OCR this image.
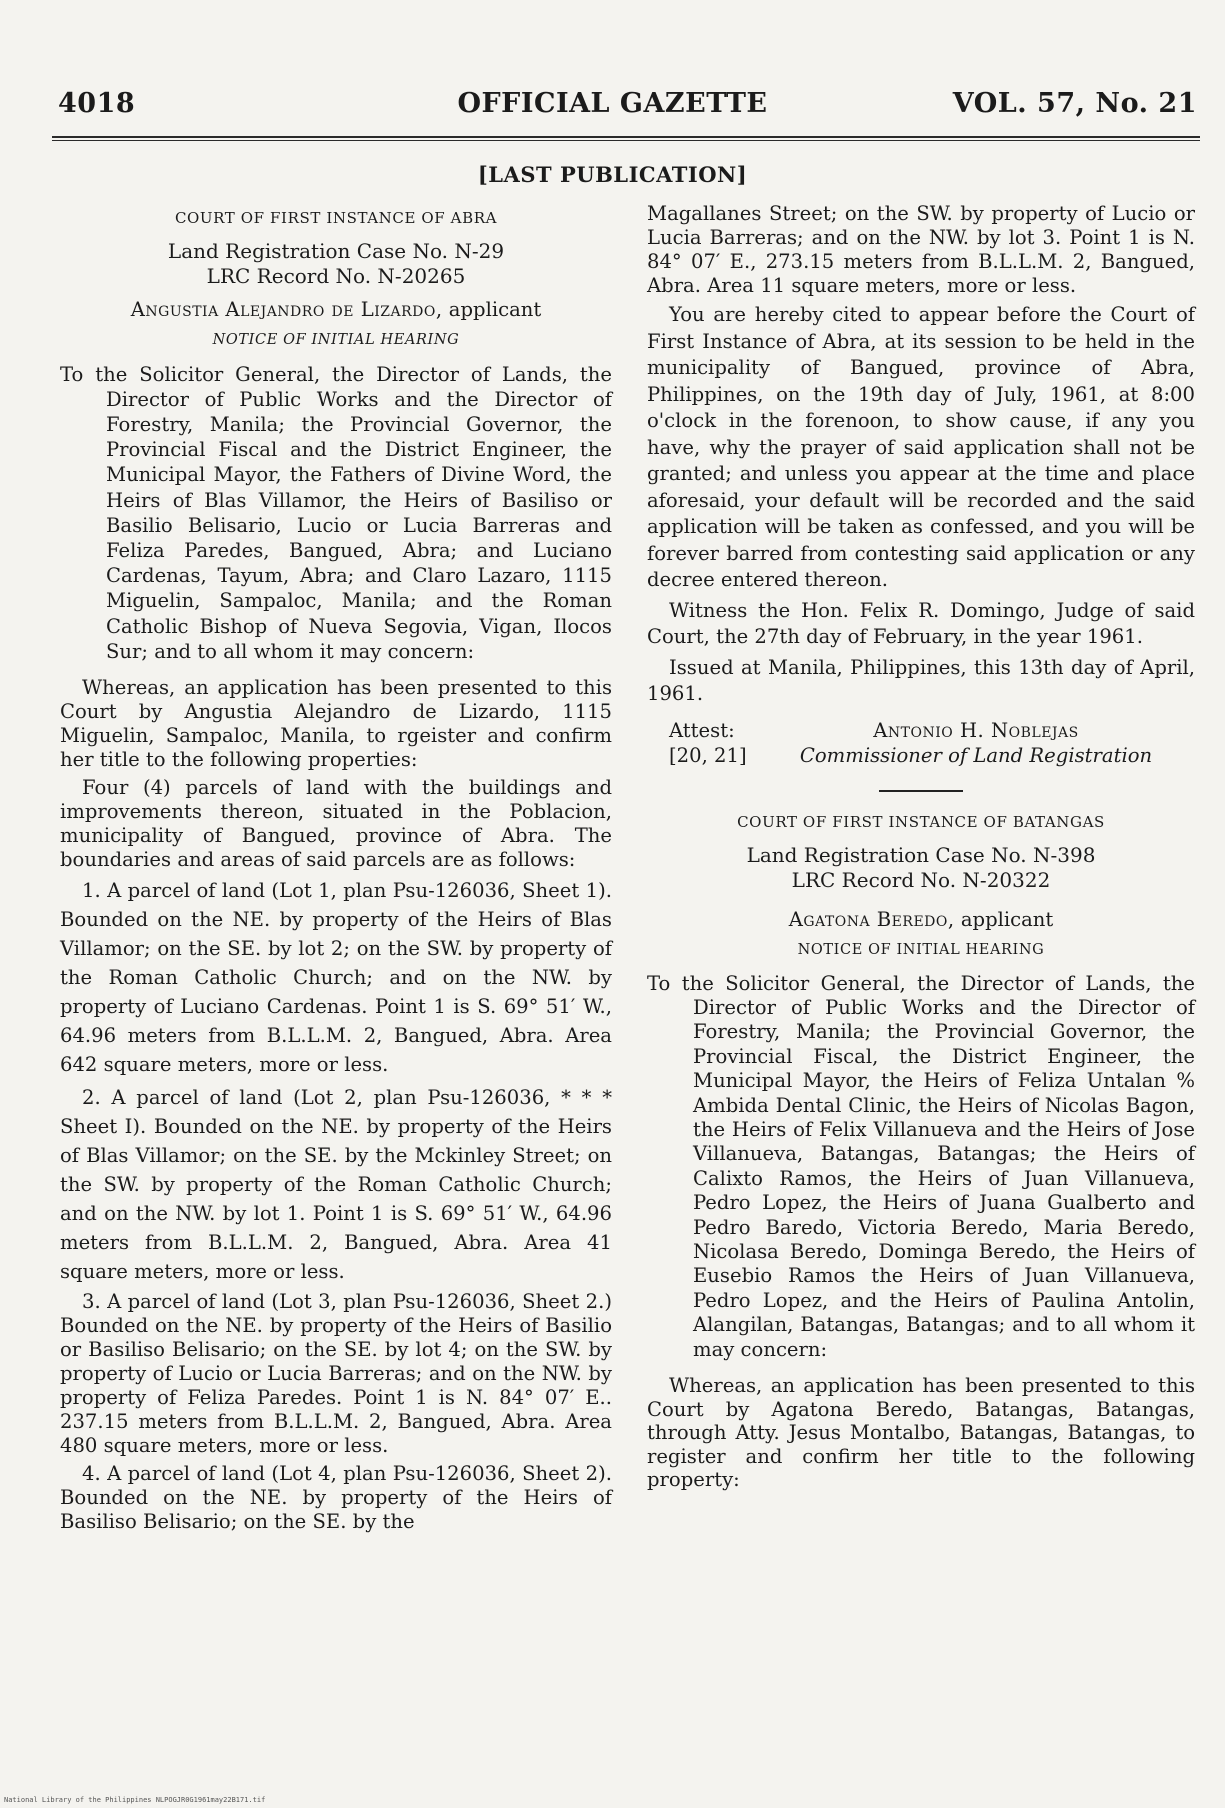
4018	OFFICIAL GAZETTE	VOL. 57, No. 21
[LAST PUBLICATION]

COURT OF FIRST INSTANCE OF ABRA

Land Registration Case No. N-29

LRC Record No. N-20265

Angustia Alejandro de Lizardo, applicant

NOTICE OF INITIAL HEARING

To the Solicitor General, the Director of Lands, the Director of Public Works and the Director of Forestry, Manila; the Provincial Governor, the Provincial Fiscal and the District Engineer, the Municipal Mayor, the Fathers of Divine Word, the Heirs of Blas Villamor, the Heirs of Basiliso or Basilio Belisario, Lucio or Lucia Barreras and Feliza Paredes, Bangued, Abra; and Luciano Cardenas, Tayum, Abra; and Claro Lazaro, 1115 Miguelin, Sampaloc, Manila; and the Roman Catholic Bishop of Nueva Segovia, Vigan, Ilocos Sur; and to all whom it may concern:

Whereas, an application has been presented to this Court by Angustia Alejandro de Lizardo, 1115 Miguelin, Sampaloc, Manila, to rgeister and confirm her title to the following properties:

Four (4) parcels of land with the buildings and improvements thereon, situated in the Poblacion, municipality of Bangued, province of Abra. The boundaries and areas of said parcels are as follows:

1. A parcel of land (Lot 1, plan Psu-126036, Sheet 1). Bounded on the NE. by property of the Heirs of Blas Villamor; on the SE. by lot 2; on the SW. by property of the Roman Catholic Church; and on the NW. by property of Luciano Cardenas. Point 1 is S. 69° 51′ W., 64.96 meters from B.L.L.M. 2, Bangued, Abra. Area 642 square meters, more or less.

2. A parcel of land (Lot 2, plan Psu-126036, * * * Sheet I). Bounded on the NE. by property of the Heirs of Blas Villamor; on the SE. by the Mckinley Street; on the SW. by property of the Roman Catholic Church; and on the NW. by lot 1. Point 1 is S. 69° 51′ W., 64.96 meters from B.L.L.M. 2, Bangued, Abra. Area 41 square meters, more or less.

3. A parcel of land (Lot 3, plan Psu-126036, Sheet 2.) Bounded on the NE. by property of the Heirs of Basilio or Basiliso Belisario; on the SE. by lot 4; on the SW. by property of Lucio or Lucia Barreras; and on the NW. by property of Feliza Paredes. Point 1 is N. 84° 07′ E.. 237.15 meters from B.L.L.M. 2, Bangued, Abra. Area 480 square meters, more or less.

4. A parcel of land (Lot 4, plan Psu-126036, Sheet 2). Bounded on the NE. by property of the Heirs of Basiliso Belisario; on the SE. by the

Magallanes Street; on the SW. by property of Lucio or Lucia Barreras; and on the NW. by lot 3. Point 1 is N. 84° 07′ E., 273.15 meters from B.L.L.M. 2, Bangued, Abra. Area 11 square meters, more or less.

You are hereby cited to appear before the Court of First Instance of Abra, at its session to be held in the municipality of Bangued, province of Abra, Philippines, on the 19th day of July, 1961, at 8:00 o'clock in the forenoon, to show cause, if any you have, why the prayer of said application shall not be granted; and unless you appear at the time and place aforesaid, your default will be recorded and the said application will be taken as confessed, and you will be forever barred from contesting said application or any decree entered thereon.

Witness the Hon. Felix R. Domingo, Judge of said Court, the 27th day of February, in the year 1961.

Issued at Manila, Philippines, this 13th day of April, 1961.

Attest:
[20, 21]
Antonio H. Noblejas
Commissioner of Land Registration

COURT OF FIRST INSTANCE OF BATANGAS

Land Registration Case No. N-398

LRC Record No. N-20322

Agatona Beredo, applicant

NOTICE OF INITIAL HEARING

To the Solicitor General, the Director of Lands, the Director of Public Works and the Director of Forestry, Manila; the Provincial Governor, the Provincial Fiscal, the District Engineer, the Municipal Mayor, the Heirs of Feliza Untalan % Ambida Dental Clinic, the Heirs of Nicolas Bagon, the Heirs of Felix Villanueva and the Heirs of Jose Villanueva, Batangas, Batangas; the Heirs of Calixto Ramos, the Heirs of Juan Villanueva, Pedro Lopez, the Heirs of Juana Gualberto and Pedro Baredo, Victoria Beredo, Maria Beredo, Nicolasa Beredo, Dominga Beredo, the Heirs of Eusebio Ramos the Heirs of Juan Villanueva, Pedro Lopez, and the Heirs of Paulina Antolin, Alangilan, Batangas, Batangas; and to all whom it may concern:

Whereas, an application has been presented to this Court by Agatona Beredo, Batangas, Batangas, through Atty. Jesus Montalbo, Batangas, Batangas, to register and confirm her title to the following property:

National Library of the Philippines NLPOGJR0G1961may22B171.tif
